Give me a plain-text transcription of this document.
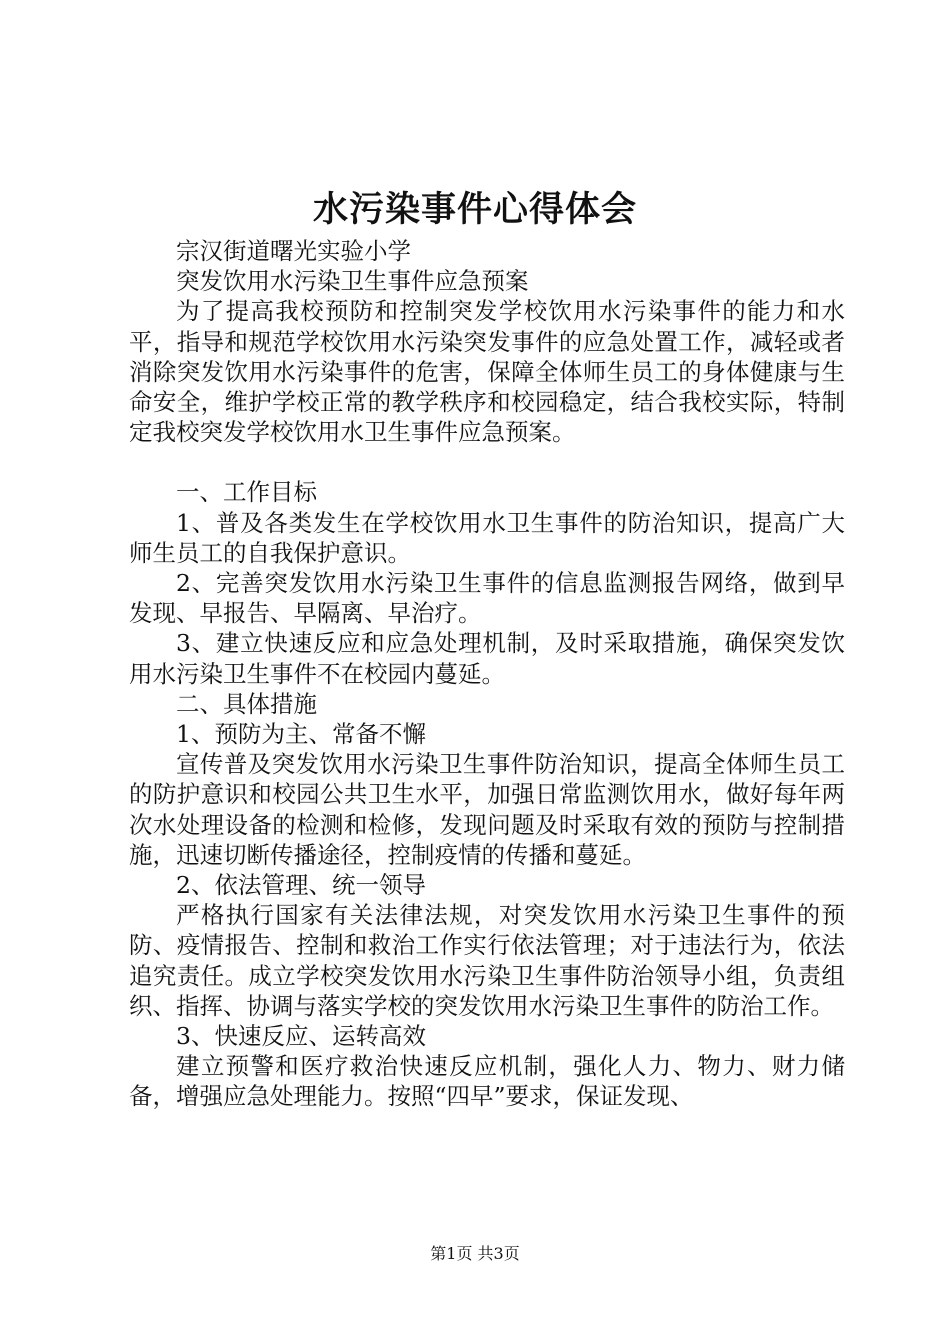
水污染事件心得体会

宗汉街道曙光实验小学

突发饮用水污染卫生事件应急预案

为了提高我校预防和控制突发学校饮用水污染事件的能力和水平，指导和规范学校饮用水污染突发事件的应急处置工作，减轻或者消除突发饮用水污染事件的危害，保障全体师生员工的身体健康与生命安全，维护学校正常的教学秩序和校园稳定，结合我校实际，特制定我校突发学校饮用水卫生事件应急预案。

一、工作目标

1、普及各类发生在学校饮用水卫生事件的防治知识，提高广大师生员工的自我保护意识。

2、完善突发饮用水污染卫生事件的信息监测报告网络，做到早发现、早报告、早隔离、早治疗。

3、建立快速反应和应急处理机制，及时采取措施，确保突发饮用水污染卫生事件不在校园内蔓延。

二、具体措施

1、预防为主、常备不懈

宣传普及突发饮用水污染卫生事件防治知识，提高全体师生员工的防护意识和校园公共卫生水平，加强日常监测饮用水，做好每年两次水处理设备的检测和检修，发现问题及时采取有效的预防与控制措施，迅速切断传播途径，控制疫情的传播和蔓延。

2、依法管理、统一领导

严格执行国家有关法律法规，对突发饮用水污染卫生事件的预防、疫情报告、控制和救治工作实行依法管理；对于违法行为，依法追究责任。成立学校突发饮用水污染卫生事件防治领导小组，负责组织、指挥、协调与落实学校的突发饮用水污染卫生事件的防治工作。

3、快速反应、运转高效

建立预警和医疗救治快速反应机制，强化人力、物力、财力储备，增强应急处理能力。按照“四早”要求，保证发现、

第1页 共3页
